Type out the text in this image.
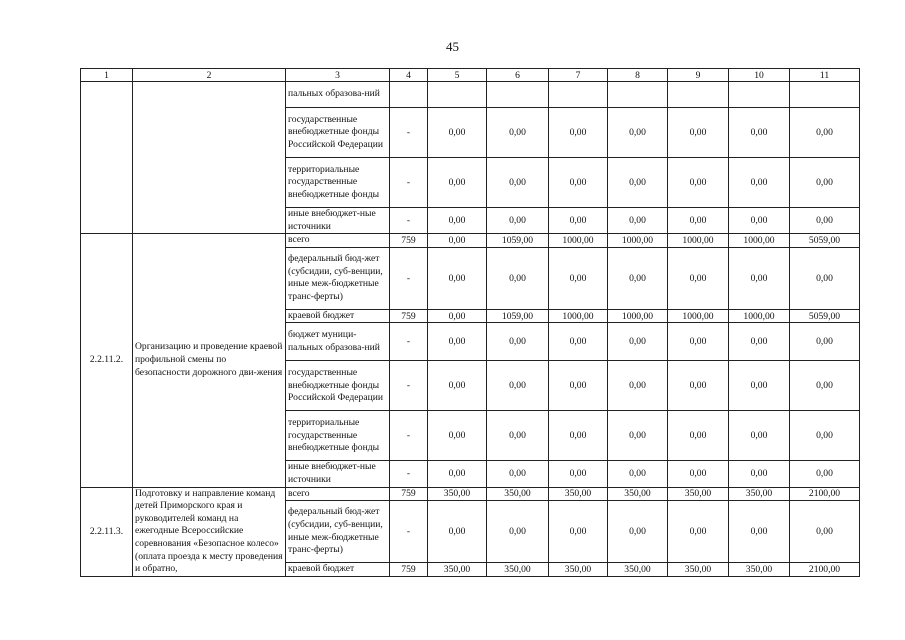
45
1	2	3	4	5	6	7	8	9	10	11
		пальных образова-ний								
		государственные внебюджетные фонды Российской Федерации	-	0,00	0,00	0,00	0,00	0,00	0,00	0,00
		территориальные государственные внебюджетные фонды	-	0,00	0,00	0,00	0,00	0,00	0,00	0,00
		иные внебюджет-ные источники	-	0,00	0,00	0,00	0,00	0,00	0,00	0,00
2.2.11.2.	Организацию и проведение краевой профильной смены по безопасности дорожного дви-жения	всего	759	0,00	1059,00	1000,00	1000,00	1000,00	1000,00	5059,00
		федеральный бюд-жет (субсидии, суб-венции, иные меж-бюджетные транс-ферты)	-	0,00	0,00	0,00	0,00	0,00	0,00	0,00
		краевой бюджет	759	0,00	1059,00	1000,00	1000,00	1000,00	1000,00	5059,00
		бюджет муници-пальных образова-ний	-	0,00	0,00	0,00	0,00	0,00	0,00	0,00
		государственные внебюджетные фонды Российской Федерации	-	0,00	0,00	0,00	0,00	0,00	0,00	0,00
		территориальные государственные внебюджетные фонды	-	0,00	0,00	0,00	0,00	0,00	0,00	0,00
		иные внебюджет-ные источники	-	0,00	0,00	0,00	0,00	0,00	0,00	0,00
2.2.11.3.	Подготовку и направление команд детей Приморского края и руководителей команд на ежегодные Всероссийские соревнования «Безопасное колесо» (оплата проезда к месту проведения и обратно,	всего	759	350,00	350,00	350,00	350,00	350,00	350,00	2100,00
		федеральный бюд-жет (субсидии, суб-венции, иные меж-бюджетные транс-ферты)	-	0,00	0,00	0,00	0,00	0,00	0,00	0,00
		краевой бюджет	759	350,00	350,00	350,00	350,00	350,00	350,00	2100,00
